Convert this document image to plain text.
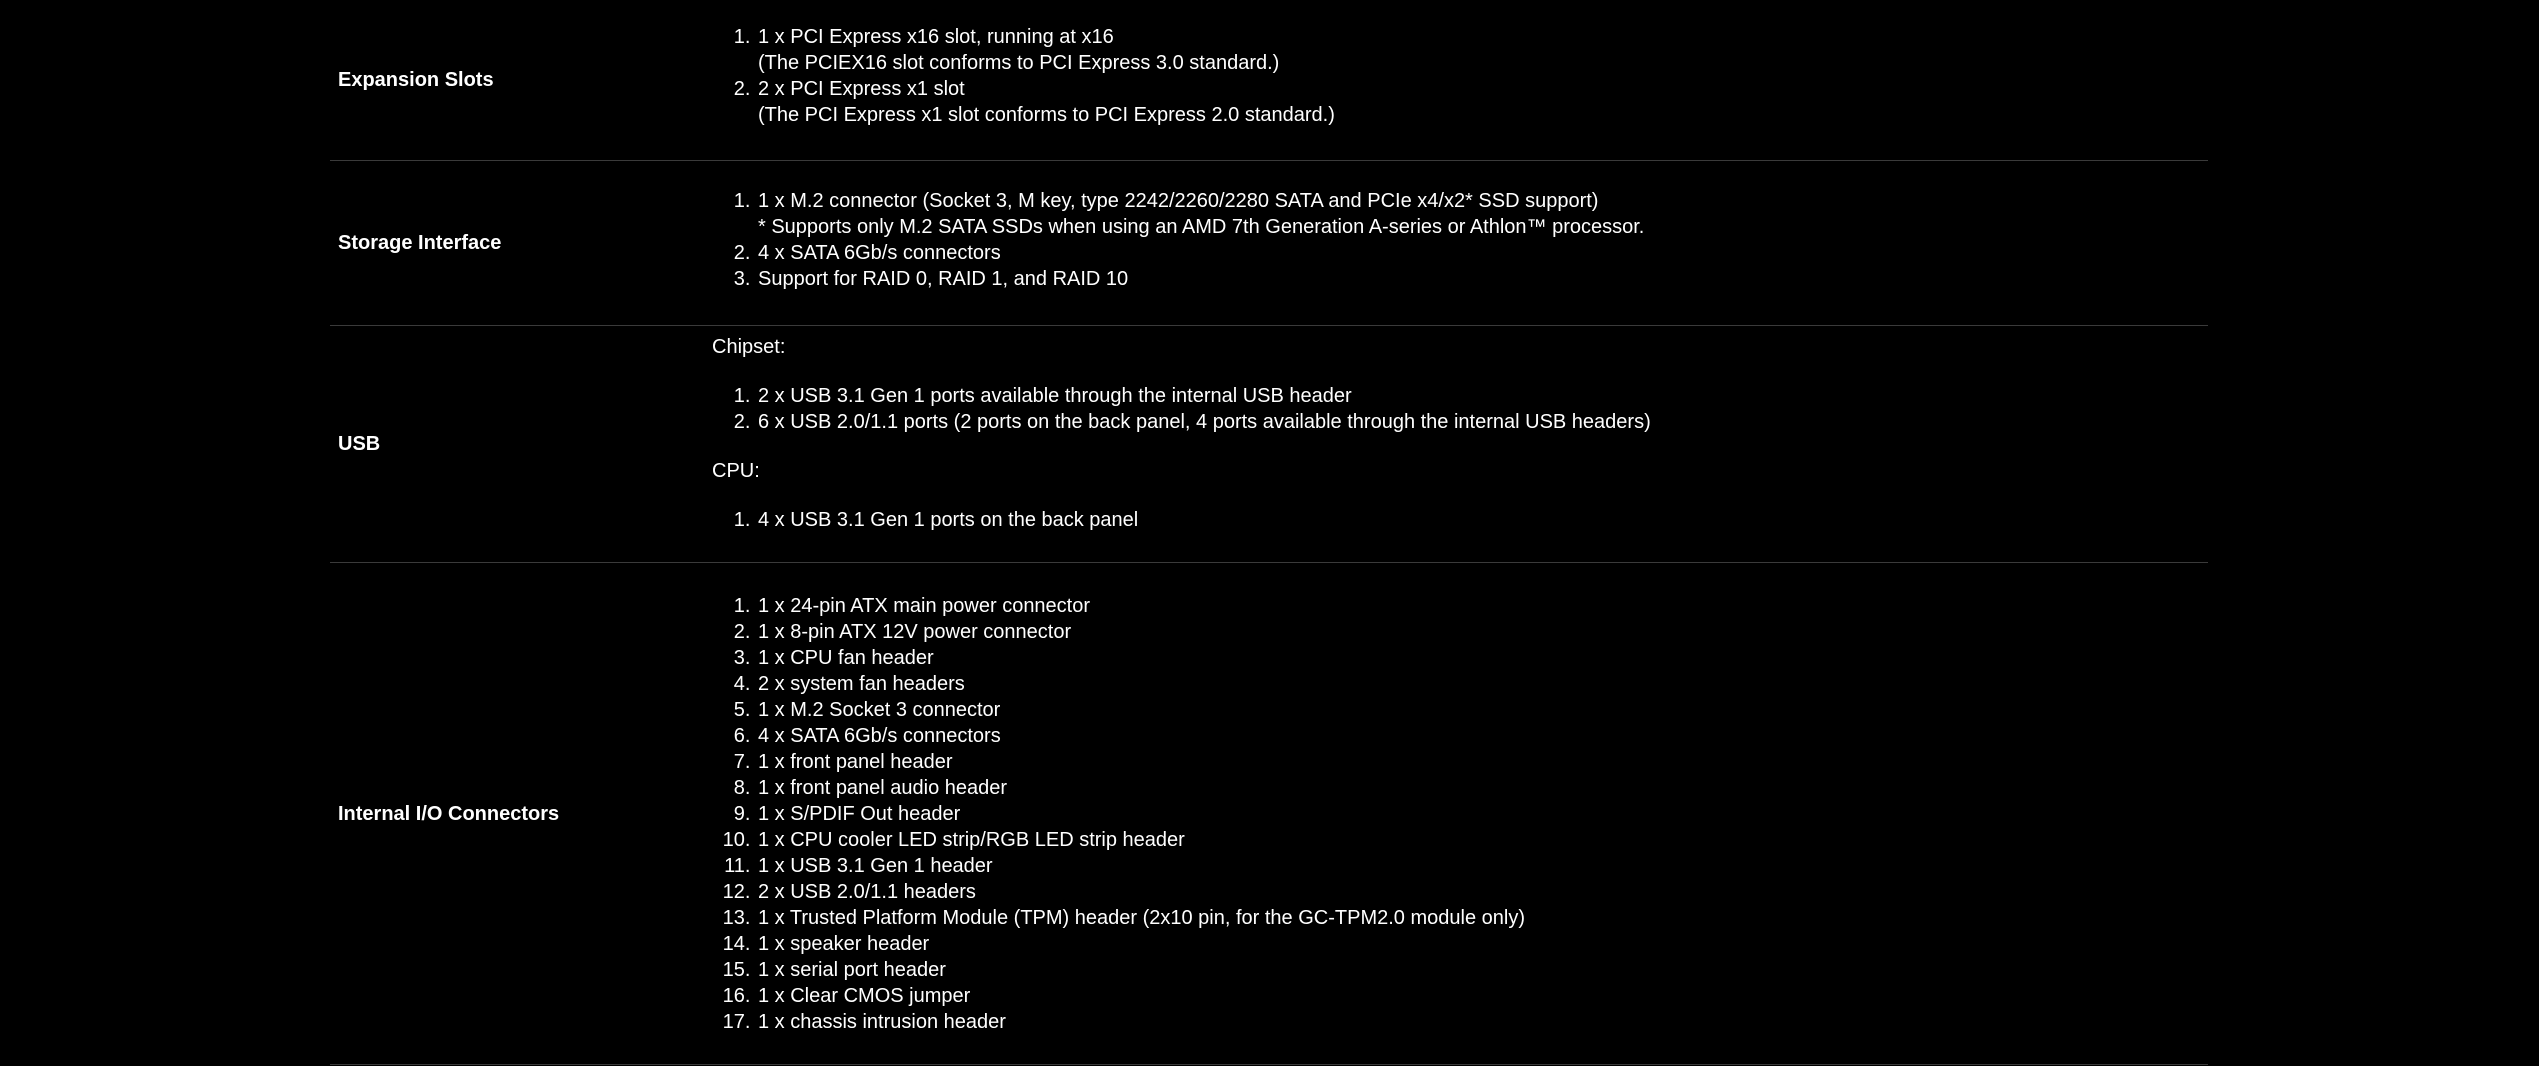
Expansion Slots
1. 1 x PCI Express x16 slot, running at x16
(The PCIEX16 slot conforms to PCI Express 3.0 standard.)
2. 2 x PCI Express x1 slot
(The PCI Express x1 slot conforms to PCI Express 2.0 standard.)
Storage Interface
1. 1 x M.2 connector (Socket 3, M key, type 2242/2260/2280 SATA and PCIe x4/x2* SSD support)
* Supports only M.2 SATA SSDs when using an AMD 7th Generation A-series or Athlon™ processor.
2. 4 x SATA 6Gb/s connectors
3. Support for RAID 0, RAID 1, and RAID 10
USB

Chipset:

1. 2 x USB 3.1 Gen 1 ports available through the internal USB header
2. 6 x USB 2.0/1.1 ports (2 ports on the back panel, 4 ports available through the internal USB headers)

CPU:

1. 4 x USB 3.1 Gen 1 ports on the back panel
Internal I/O Connectors
1. 1 x 24-pin ATX main power connector
2. 1 x 8-pin ATX 12V power connector
3. 1 x CPU fan header
4. 2 x system fan headers
5. 1 x M.2 Socket 3 connector
6. 4 x SATA 6Gb/s connectors
7. 1 x front panel header
8. 1 x front panel audio header
9. 1 x S/PDIF Out header
10. 1 x CPU cooler LED strip/RGB LED strip header
11. 1 x USB 3.1 Gen 1 header
12. 2 x USB 2.0/1.1 headers
13. 1 x Trusted Platform Module (TPM) header (2x10 pin, for the GC-TPM2.0 module only)
14. 1 x speaker header
15. 1 x serial port header
16. 1 x Clear CMOS jumper
17. 1 x chassis intrusion header
